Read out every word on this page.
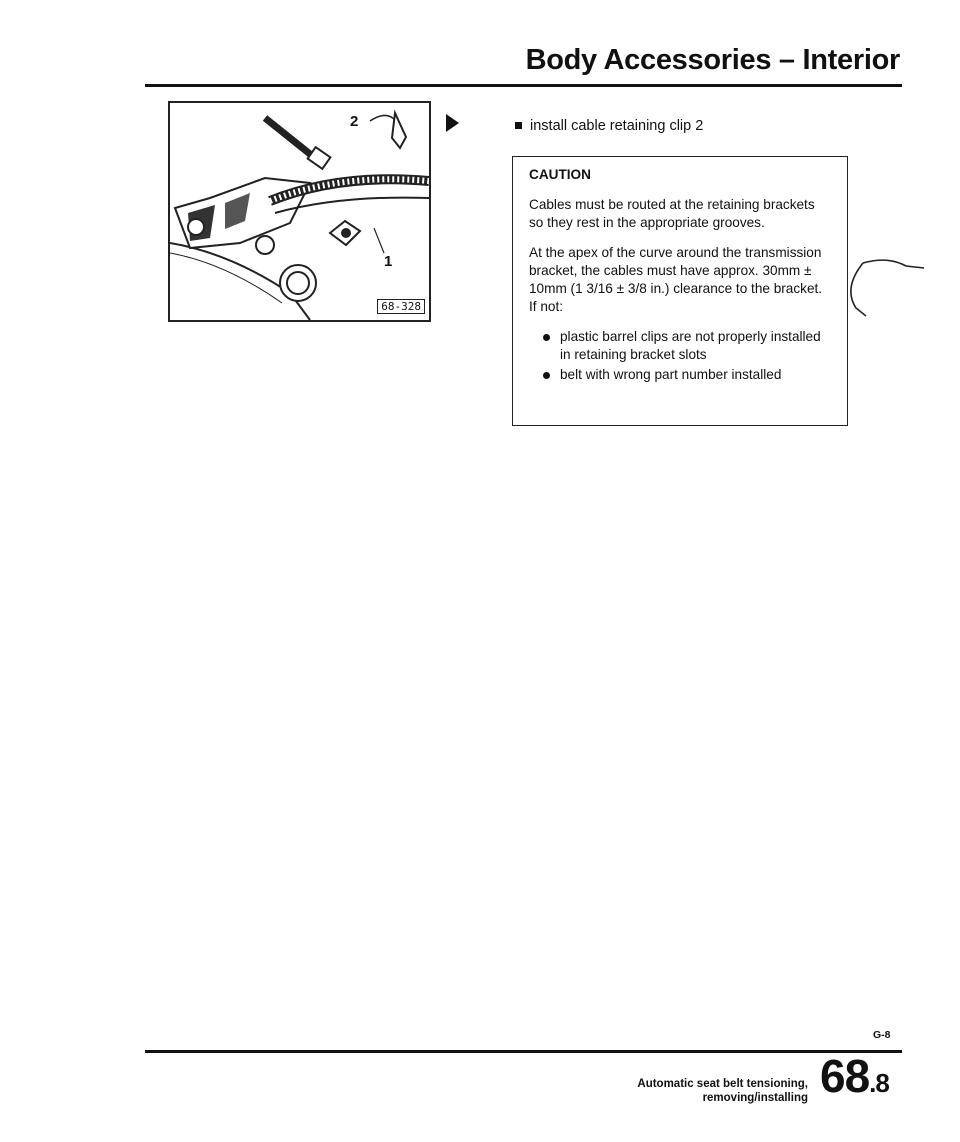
Body Accessories – Interior
2
1
68-328
install cable retaining clip 2

CAUTION

Cables must be routed at the retaining brackets so they rest in the appropriate grooves.

At the apex of the curve around the transmission bracket, the cables must have approx. 30mm ± 10mm (1 3/16 ± 3/8 in.) clearance to the bracket. If not:

plastic barrel clips are not properly installed in retaining bracket slots
belt with wrong part number installed
G-8
Automatic seat belt tensioning,
removing/installing 68.8
